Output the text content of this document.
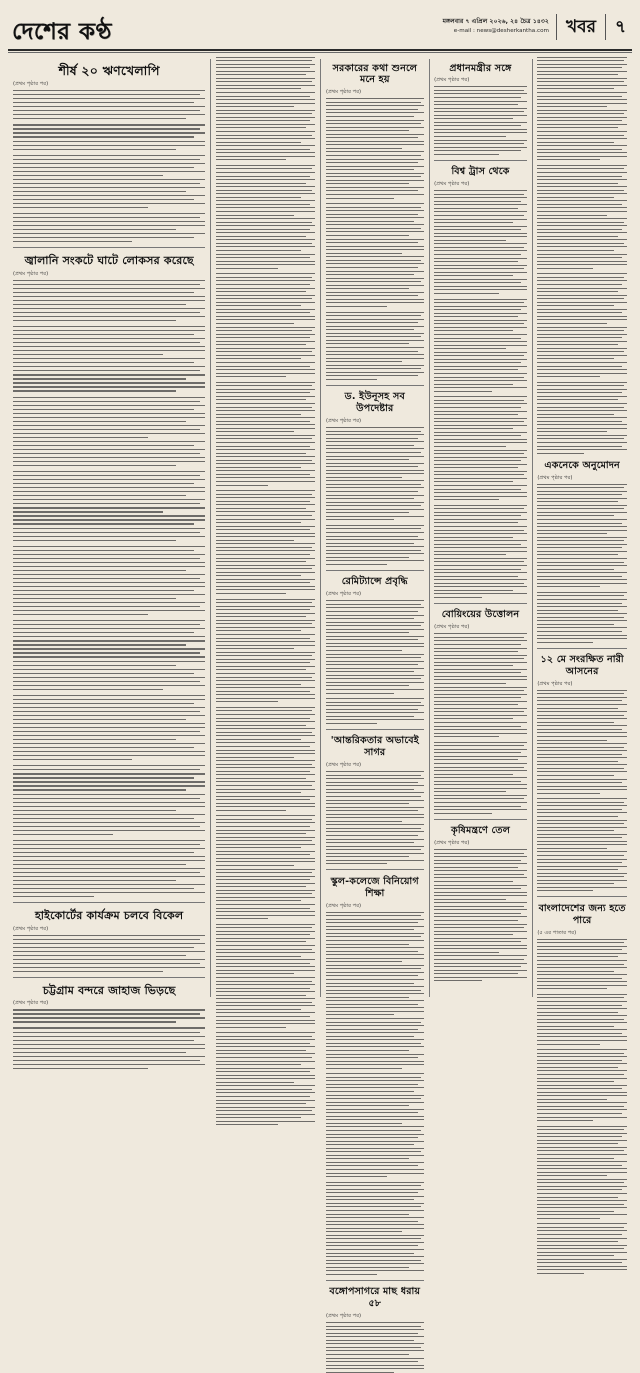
দেশের কণ্ঠ	মঙ্গলবার ৭ এপ্রিল ২০২৬, ২৪ চৈত্র ১৪৩২
e-mail : news@desherkantha.com	খবর	৭
শীর্ষ ২০ ঋণখেলাপি
(প্রথম পৃষ্ঠার পর)
জ্বালানি সংকটে ঘাটে লোকসর করেছে
(প্রথম পৃষ্ঠার পর)
হাইকোর্টের কার্যক্রম চলবে বিকেল
(প্রথম পৃষ্ঠার পর)
চট্টগ্রাম বন্দরে জাহাজ ভিড়ছে
(প্রথম পৃষ্ঠার পর)
সরকারের কথা শুনলে মনে হয়
(প্রথম পৃষ্ঠার পর)
ড. ইউনূসহ সব উপদেষ্টার
(প্রথম পৃষ্ঠার পর)
রেমিট্যান্সে প্রবৃদ্ধি
(প্রথম পৃষ্ঠার পর)
'আন্তরিকতার অভাবেই সাগর
(প্রথম পৃষ্ঠার পর)
স্কুল-কলেজে বিনিয়োগ শিক্ষা
(প্রথম পৃষ্ঠার পর)
বঙ্গোপসাগরে মাছ ধরায় ৫৮
(প্রথম পৃষ্ঠার পর)
প্রধানমন্ত্রীর সঙ্গে
(প্রথম পৃষ্ঠার পর)
বিশ্ব ট্রাস থেকে
(প্রথম পৃষ্ঠার পর)
বোয়িংয়ের উত্তোলন
(প্রথম পৃষ্ঠার পর)
কৃষিমন্ত্রণে তেল
(প্রথম পৃষ্ঠার পর)
একনেকে অনুমোদন
(প্রথম পৃষ্ঠার পর)
১২ মে সংরক্ষিত নারী আসনের
(প্রথম পৃষ্ঠার পর)
বাংলাদেশের জন্য হতে পারে
(৫ এর পাতার পর)
